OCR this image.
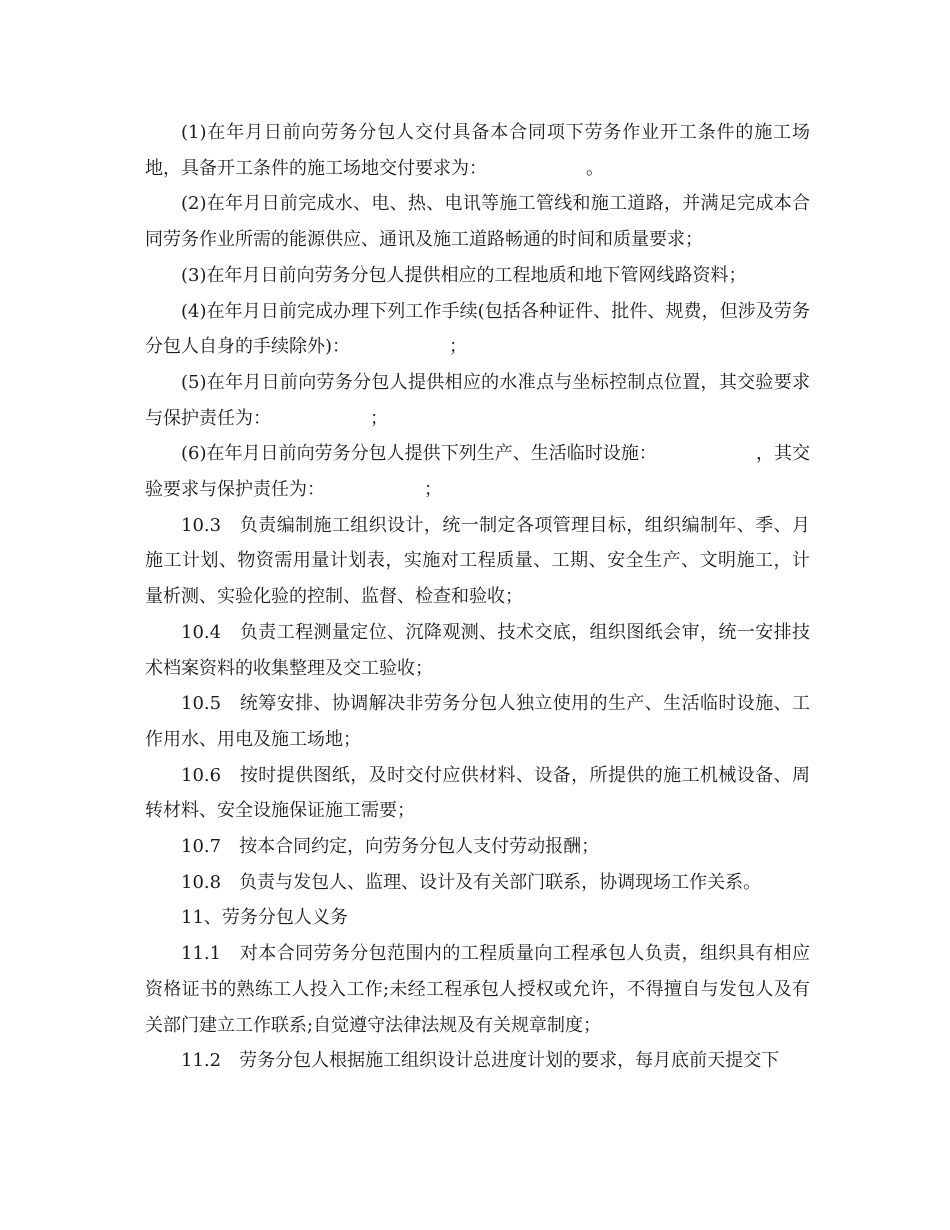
(1)在年月日前向劳务分包人交付具备本合同项下劳务作业开工条件的施工场地，具备开工条件的施工场地交付要求为：　　　　　　。

(2)在年月日前完成水、电、热、电讯等施工管线和施工道路，并满足完成本合同劳务作业所需的能源供应、通讯及施工道路畅通的时间和质量要求；

(3)在年月日前向劳务分包人提供相应的工程地质和地下管网线路资料；

(4)在年月日前完成办理下列工作手续(包括各种证件、批件、规费，但涉及劳务分包人自身的手续除外)：　　　　　　；

(5)在年月日前向劳务分包人提供相应的水准点与坐标控制点位置，其交验要求与保护责任为：　　　　　　；

(6)在年月日前向劳务分包人提供下列生产、生活临时设施：　　　　　　，其交验要求与保护责任为：　　　　　　；

10.3　负责编制施工组织设计，统一制定各项管理目标，组织编制年、季、月施工计划、物资需用量计划表，实施对工程质量、工期、安全生产、文明施工，计量析测、实验化验的控制、监督、检查和验收；

10.4　负责工程测量定位、沉降观测、技术交底，组织图纸会审，统一安排技术档案资料的收集整理及交工验收；

10.5　统筹安排、协调解决非劳务分包人独立使用的生产、生活临时设施、工作用水、用电及施工场地；

10.6　按时提供图纸，及时交付应供材料、设备，所提供的施工机械设备、周转材料、安全设施保证施工需要；

10.7　按本合同约定，向劳务分包人支付劳动报酬；

10.8　负责与发包人、监理、设计及有关部门联系，协调现场工作关系。

11、劳务分包人义务

11.1　对本合同劳务分包范围内的工程质量向工程承包人负责，组织具有相应资格证书的熟练工人投入工作;未经工程承包人授权或允许，不得擅自与发包人及有关部门建立工作联系;自觉遵守法律法规及有关规章制度；

11.2　劳务分包人根据施工组织设计总进度计划的要求，每月底前天提交下
